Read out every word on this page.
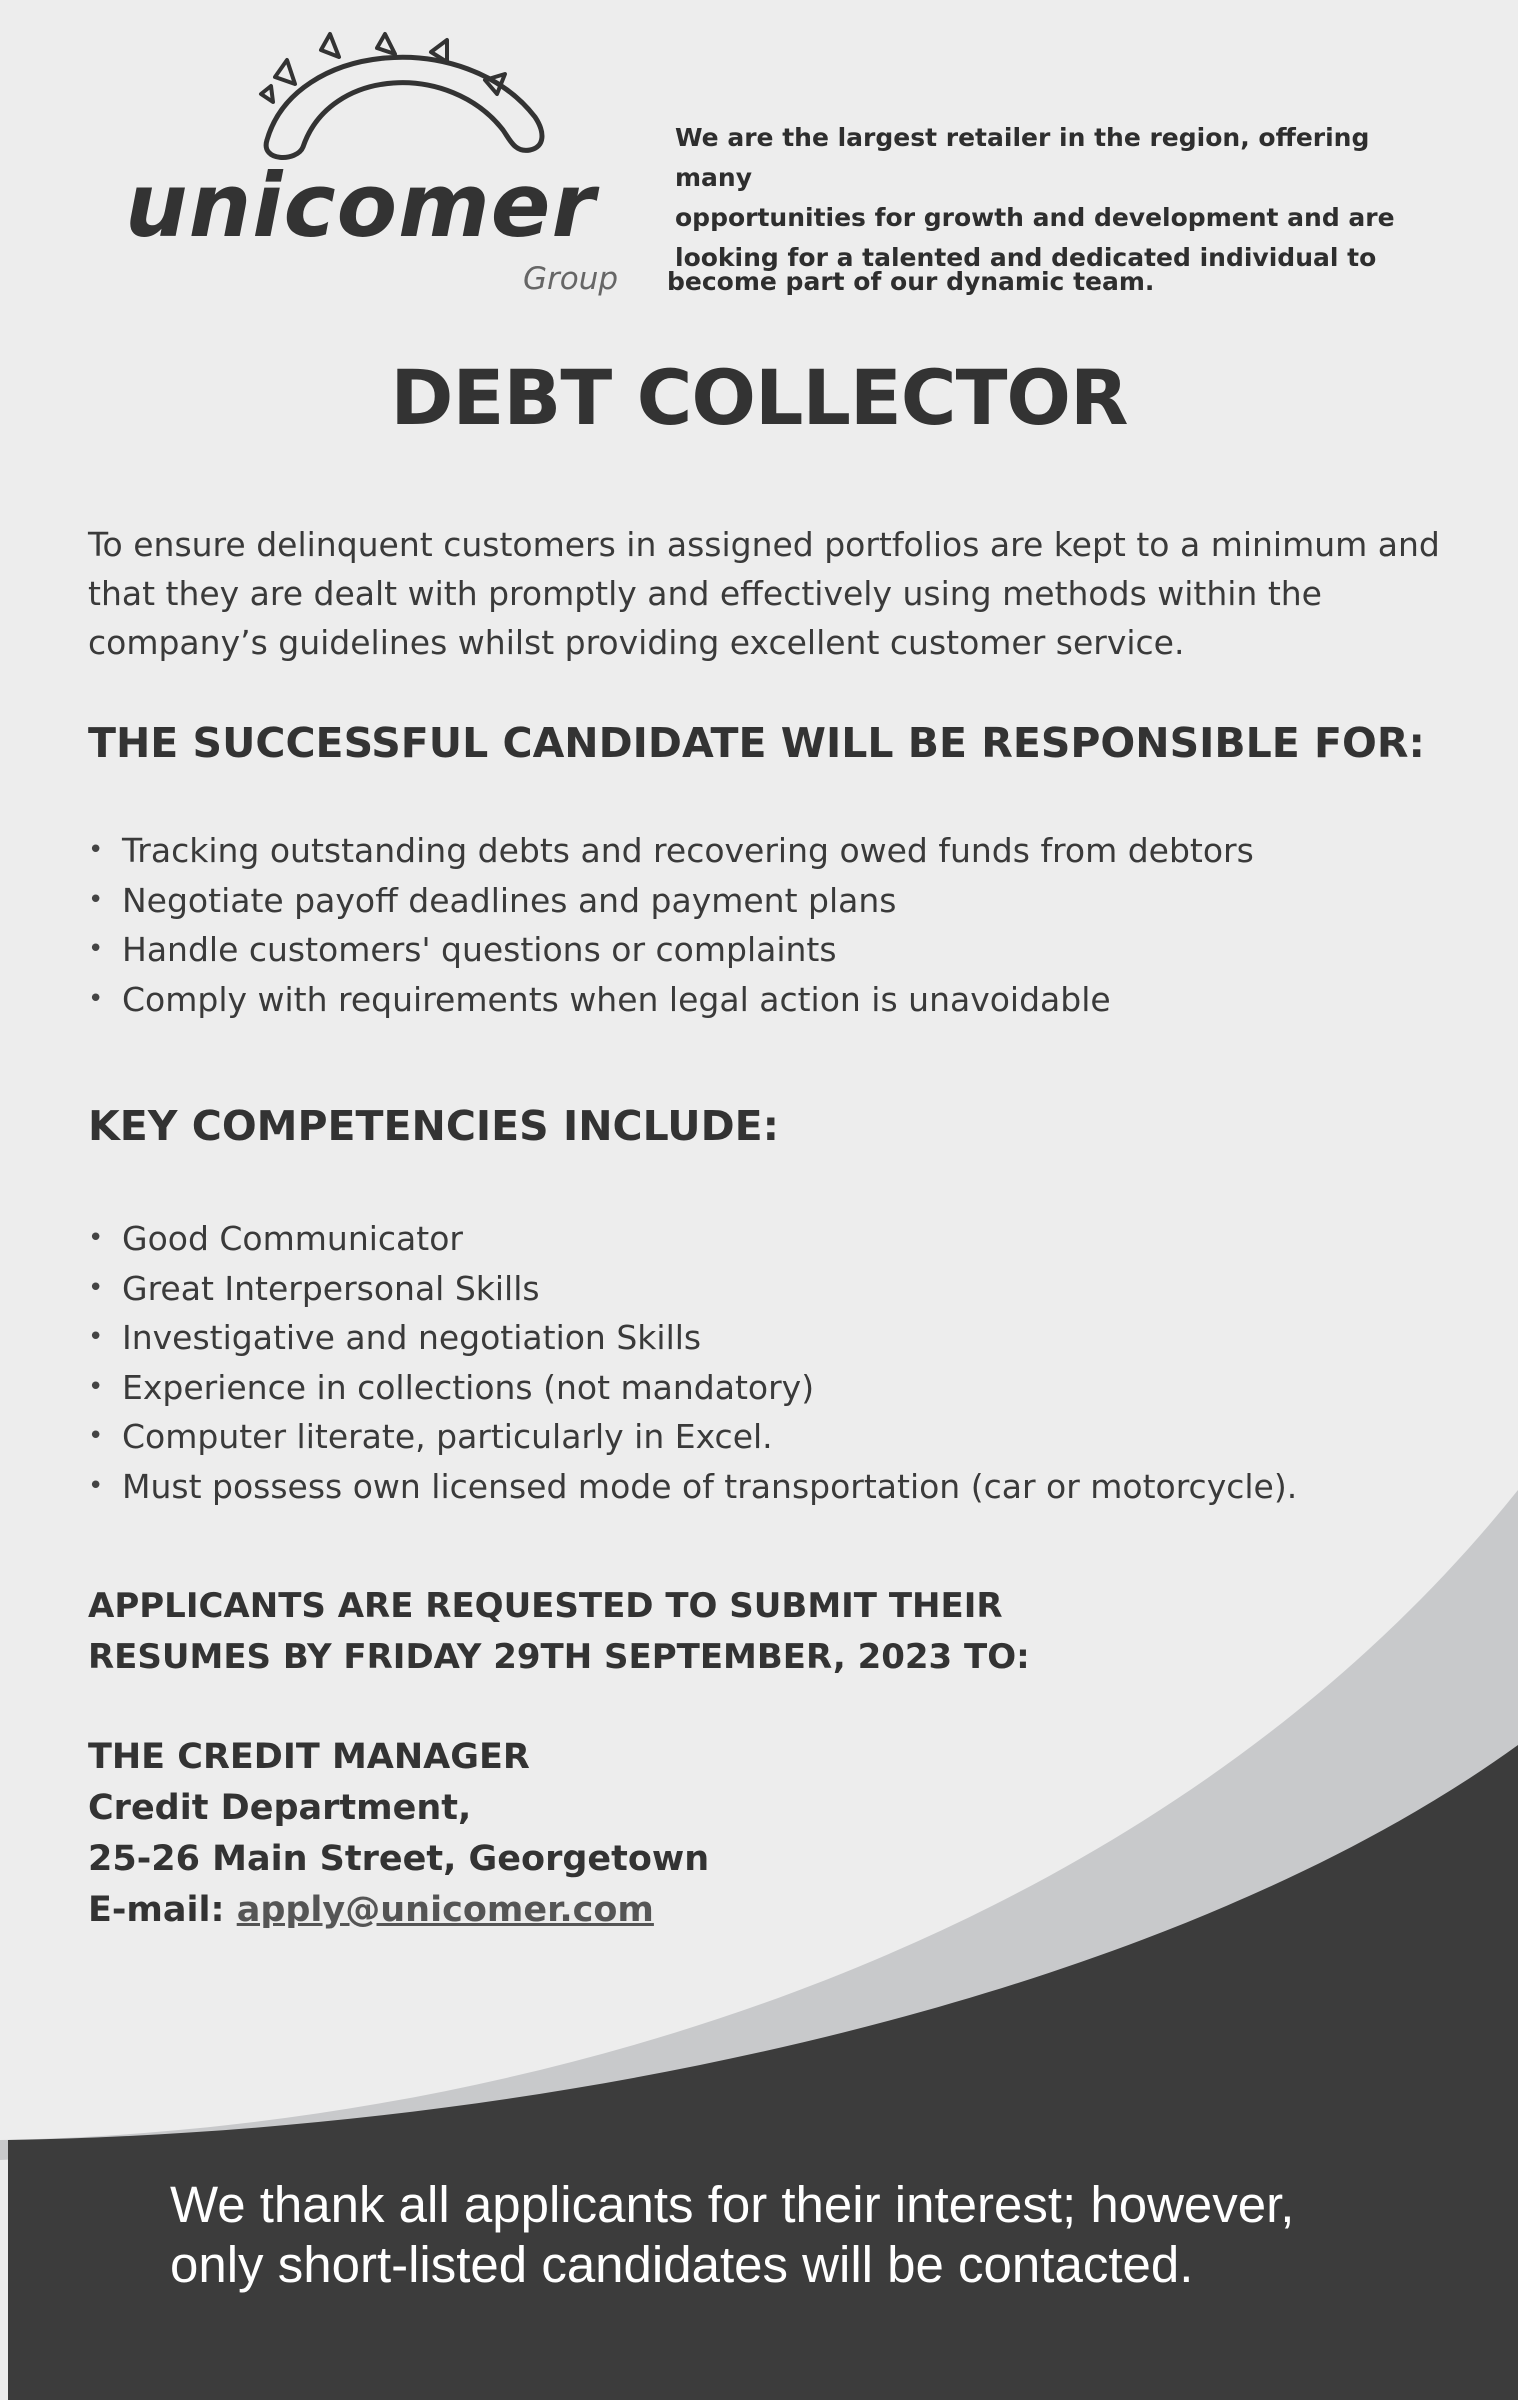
unicomer
Group
We are the largest retailer in the region, offering many
opportunities for growth and development and are
looking for a talented and dedicated individual to
become part of our dynamic team.
DEBT COLLECTOR
To ensure delinquent customers in assigned portfolios are kept to a minimum and that they are dealt with promptly and effectively using methods within the company’s guidelines whilst providing excellent customer service.
THE SUCCESSFUL CANDIDATE WILL BE RESPONSIBLE FOR:
• Tracking outstanding debts and recovering owed funds from debtors
• Negotiate payoff deadlines and payment plans
• Handle customers' questions or complaints
• Comply with requirements when legal action is unavoidable
KEY COMPETENCIES INCLUDE:
• Good Communicator
• Great Interpersonal Skills
• Investigative and negotiation Skills
• Experience in collections (not mandatory)
• Computer literate, particularly in Excel.
• Must possess own licensed mode of transportation (car or motorcycle).
APPLICANTS ARE REQUESTED TO SUBMIT THEIR
RESUMES BY FRIDAY 29TH SEPTEMBER, 2023 TO:
THE CREDIT MANAGER
Credit Department,
25-26 Main Street, Georgetown
E-mail: apply@unicomer.com
We thank all applicants for their interest; however,
only short-listed candidates will be contacted.
